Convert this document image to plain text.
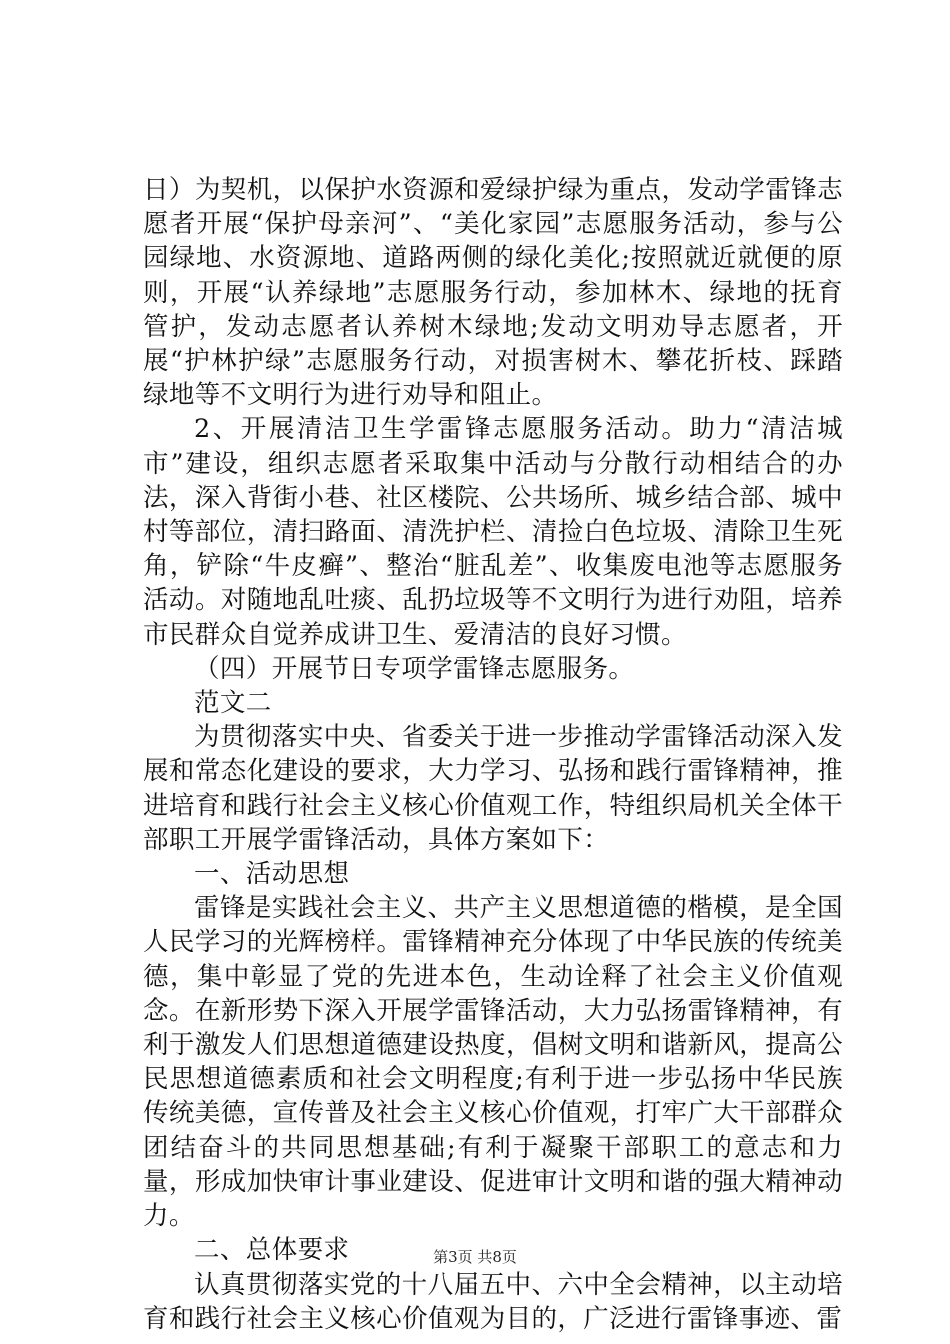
日）为契机，以保护水资源和爱绿护绿为重点，发动学雷锋志愿者开展“保护母亲河”、“美化家园”志愿服务活动，参与公园绿地、水资源地、道路两侧的绿化美化;按照就近就便的原则，开展“认养绿地”志愿服务行动，参加林木、绿地的抚育管护，发动志愿者认养树木绿地;发动文明劝导志愿者，开展“护林护绿”志愿服务行动，对损害树木、攀花折枝、踩踏绿地等不文明行为进行劝导和阻止。

2、开展清洁卫生学雷锋志愿服务活动。助力“清洁城市”建设，组织志愿者采取集中活动与分散行动相结合的办法，深入背街小巷、社区楼院、公共场所、城乡结合部、城中村等部位，清扫路面、清洗护栏、清捡白色垃圾、清除卫生死角，铲除“牛皮癣”、整治“脏乱差”、收集废电池等志愿服务活动。对随地乱吐痰、乱扔垃圾等不文明行为进行劝阻，培养市民群众自觉养成讲卫生、爱清洁的良好习惯。

（四）开展节日专项学雷锋志愿服务。

范文二

为贯彻落实中央、省委关于进一步推动学雷锋活动深入发展和常态化建设的要求，大力学习、弘扬和践行雷锋精神，推进培育和践行社会主义核心价值观工作，特组织局机关全体干部职工开展学雷锋活动，具体方案如下：

一、活动思想

雷锋是实践社会主义、共产主义思想道德的楷模，是全国人民学习的光辉榜样。雷锋精神充分体现了中华民族的传统美德，集中彰显了党的先进本色，生动诠释了社会主义价值观念。在新形势下深入开展学雷锋活动，大力弘扬雷锋精神，有利于激发人们思想道德建设热度，倡树文明和谐新风，提高公民思想道德素质和社会文明程度;有利于进一步弘扬中华民族传统美德，宣传普及社会主义核心价值观，打牢广大干部群众团结奋斗的共同思想基础;有利于凝聚干部职工的意志和力量，形成加快审计事业建设、促进审计文明和谐的强大精神动力。

二、总体要求

认真贯彻落实党的十八届五中、六中全会精神，以主动培育和践行社会主义核心价值观为目的，广泛进行雷锋事迹、雷

第3页 共8页
